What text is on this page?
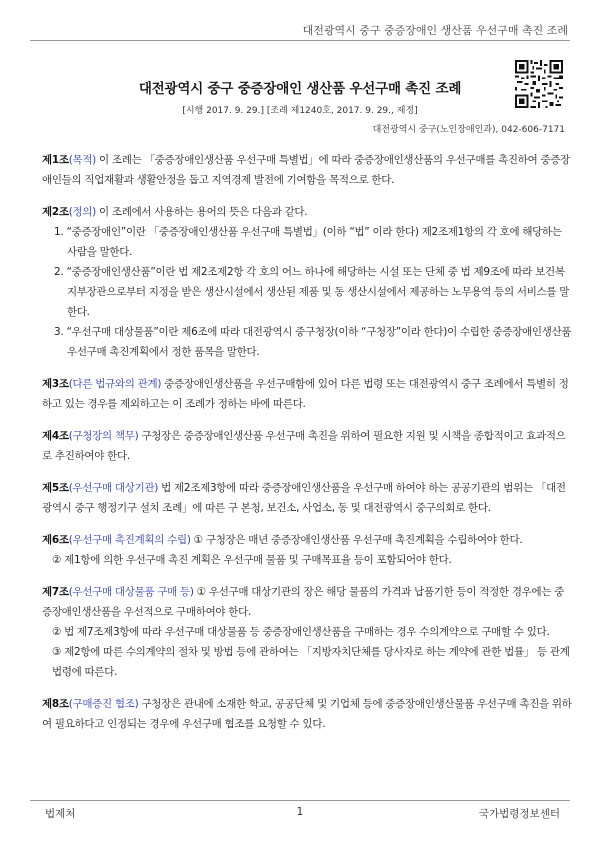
대전광역시 중구 중증장애인 생산품 우선구매 촉진 조례
대전광역시 중구 중증장애인 생산품 우선구매 촉진 조례
[시행 2017. 9. 29.] [조례 제1240호, 2017. 9. 29., 제정]
대전광역시 중구(노인장애인과), 042-606-7171
제1조(목적) 이 조례는 「중증장애인생산품 우선구매 특별법」에 따라 중증장애인생산품의 우선구매를 촉진하여 중증장애인들의 직업재활과 생활안정을 돕고 지역경제 발전에 기여함을 목적으로 한다.
제2조(정의) 이 조례에서 사용하는 용어의 뜻은 다음과 같다.
1. “중증장애인”이란 「중증장애인생산품 우선구매 특별법」(이하 “법” 이라 한다) 제2조제1항의 각 호에 해당하는 사람을 말한다.
2. “중증장애인생산품”이란 법 제2조제2항 각 호의 어느 하나에 해당하는 시설 또는 단체 중 법 제9조에 따라 보건복지부장관으로부터 지정을 받은 생산시설에서 생산된 제품 및 동 생산시설에서 제공하는 노무용역 등의 서비스를 말한다.
3. “우선구매 대상물품”이란 제6조에 따라 대전광역시 중구청장(이하 “구청장”이라 한다)이 수립한 중증장애인생산품 우선구매 촉진계획에서 정한 품목을 말한다.
제3조(다른 법규와의 관계) 중증장애인생산품을 우선구매함에 있어 다른 법령 또는 대전광역시 중구 조례에서 특별히 정하고 있는 경우를 제외하고는 이 조례가 정하는 바에 따른다.
제4조(구청장의 책무) 구청장은 중증장애인생산품 우선구매 촉진을 위하여 필요한 지원 및 시책을 종합적이고 효과적으로 추진하여야 한다.
제5조(우선구매 대상기관) 법 제2조제3항에 따라 중증장애인생산품을 우선구매 하여야 하는 공공기관의 범위는 「대전광역시 중구 행정기구 설치 조례」에 따른 구 본청, 보건소, 사업소, 동 및 대전광역시 중구의회로 한다.
제6조(우선구매 촉진계획의 수립) ① 구청장은 매년 중증장애인생산품 우선구매 촉진계획을 수립하여야 한다.
② 제1항에 의한 우선구매 촉진 계획은 우선구매 물품 및 구매목표율 등이 포함되어야 한다.
제7조(우선구매 대상물품 구매 등) ① 우선구매 대상기관의 장은 해당 물품의 가격과 납품기한 등이 적정한 경우에는 중증장애인생산품을 우선적으로 구매하여야 한다.
② 법 제7조제3항에 따라 우선구매 대상물품 등 중증장애인생산품을 구매하는 경우 수의계약으로 구매할 수 있다.
③ 제2항에 따른 수의계약의 절차 및 방법 등에 관하여는 「지방자치단체를 당사자로 하는 계약에 관한 법률」 등 관계 법령에 따른다.
제8조(구매증진 협조) 구청장은 관내에 소재한 학교, 공공단체 및 기업체 등에 중증장애인생산물품 우선구매 촉진을 위하여 필요하다고 인정되는 경우에 우선구매 협조를 요청할 수 있다.
법제처	1	국가법령정보센터
